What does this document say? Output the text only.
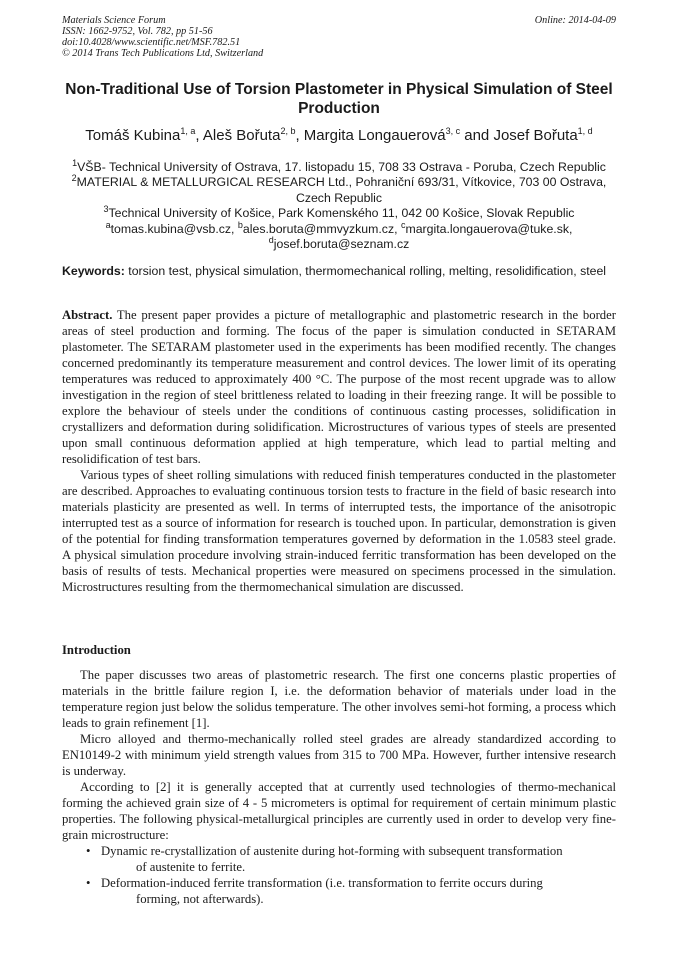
Materials Science Forum
ISSN: 1662-9752, Vol. 782, pp 51-56
doi:10.4028/www.scientific.net/MSF.782.51
© 2014 Trans Tech Publications Ltd, Switzerland
Online: 2014-04-09
Non-Traditional Use of Torsion Plastometer in Physical Simulation of Steel Production
Tomáš Kubina$^{1, a}$, Aleš Bořuta$^{2, b}$, Margita Longauerová$^{3, c}$ and Josef Bořuta$^{1, d}$
$^1$VŠB- Technical University of Ostrava, 17. listopadu 15, 708 33 Ostrava - Poruba, Czech Republic
$^2$MATERIAL & METALLURGICAL RESEARCH Ltd., Pohraniční 693/31, Vítkovice, 703 00 Ostrava,
Czech Republic
$^3$Technical University of Košice, Park Komenského 11, 042 00 Košice, Slovak Republic
$^a$tomas.kubina@vsb.cz, $^b$ales.boruta@mmvyzkum.cz, $^c$margita.longauerova@tuke.sk,
$^d$josef.boruta@seznam.cz
Keywords: torsion test, physical simulation, thermomechanical rolling, melting, resolidification, steel

Abstract. The present paper provides a picture of metallographic and plastometric research in the border areas of steel production and forming. The focus of the paper is simulation conducted in SETARAM plastometer. The SETARAM plastometer used in the experiments has been modified recently. The changes concerned predominantly its temperature measurement and control devices. The lower limit of its operating temperatures was reduced to approximately 400 °C. The purpose of the most recent upgrade was to allow investigation in the region of steel brittleness related to loading in their freezing range. It will be possible to explore the behaviour of steels under the conditions of continuous casting processes, solidification in crystallizers and deformation during solidification. Microstructures of various types of steels are presented upon small continuous deformation applied at high temperature, which lead to partial melting and resolidification of test bars.

Various types of sheet rolling simulations with reduced finish temperatures conducted in the plastometer are described. Approaches to evaluating continuous torsion tests to fracture in the field of basic research into materials plasticity are presented as well. In terms of interrupted tests, the importance of the anisotropic interrupted test as a source of information for research is touched upon. In particular, demonstration is given of the potential for finding transformation temperatures governed by deformation in the 1.0583 steel grade. A physical simulation procedure involving strain-induced ferritic transformation has been developed on the basis of results of tests. Mechanical properties were measured on specimens processed in the simulation. Microstructures resulting from the thermomechanical simulation are discussed.

Introduction

The paper discusses two areas of plastometric research. The first one concerns plastic properties of materials in the brittle failure region I, i.e. the deformation behavior of materials under load in the temperature region just below the solidus temperature. The other involves semi-hot forming, a process which leads to grain refinement [1].

Micro alloyed and thermo-mechanically rolled steel grades are already standardized according to EN10149-2 with minimum yield strength values from 315 to 700 MPa. However, further intensive research is underway.

According to [2] it is generally accepted that at currently used technologies of thermo-mechanical forming the achieved grain size of 4 - 5 micrometers is optimal for requirement of certain minimum plastic properties. The following physical-metallurgical principles are currently used in order to develop very fine-grain microstructure:

• Dynamic re-crystallization of austenite during hot-forming with subsequent transformation
of austenite to ferrite.
• Deformation-induced ferrite transformation (i.e. transformation to ferrite occurs during
forming, not afterwards).
